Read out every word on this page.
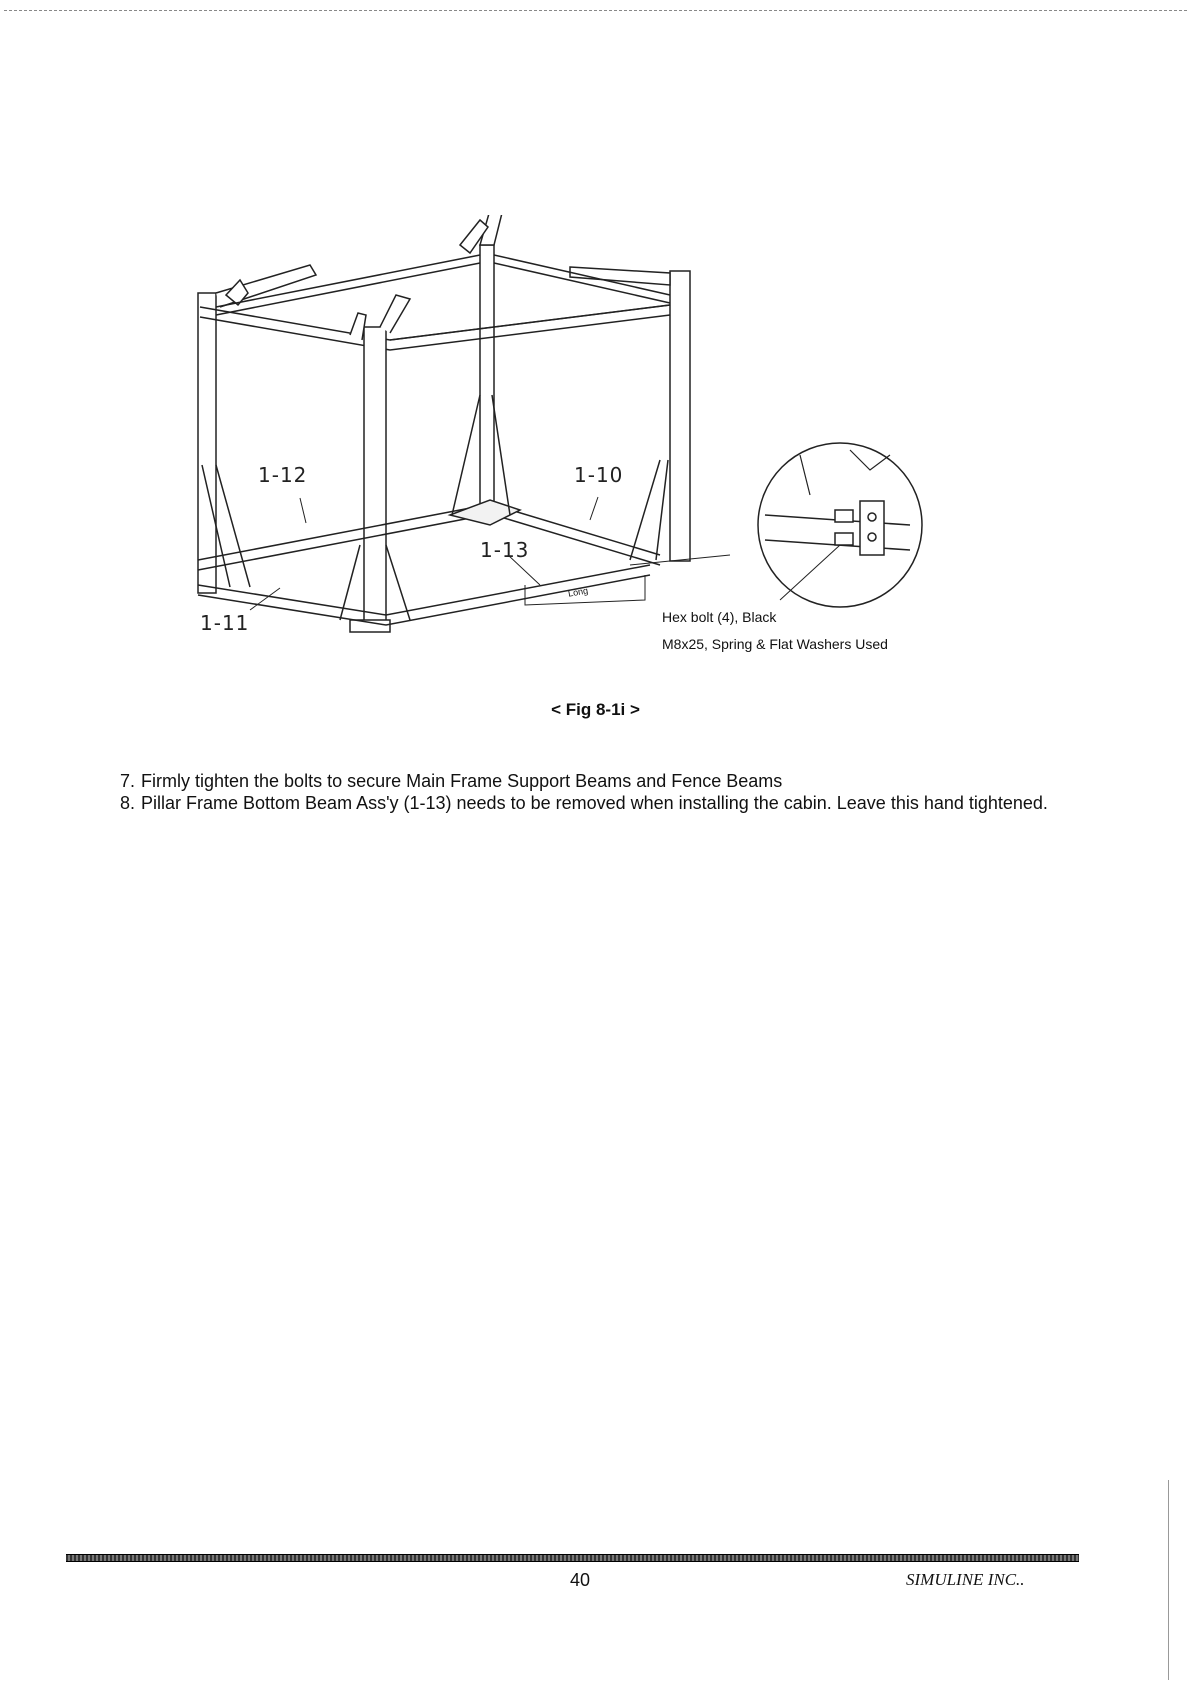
1-12	1-10
1-13
1-11
Long
Hex bolt (4), Black
M8x25, Spring & Flat Washers Used
< Fig 8-1i >
7. Firmly tighten the bolts to secure Main Frame Support Beams and Fence Beams
8. Pillar Frame Bottom Beam Ass'y (1-13) needs to be removed when installing the cabin. Leave this hand tightened.
40	SIMULINE INC..
